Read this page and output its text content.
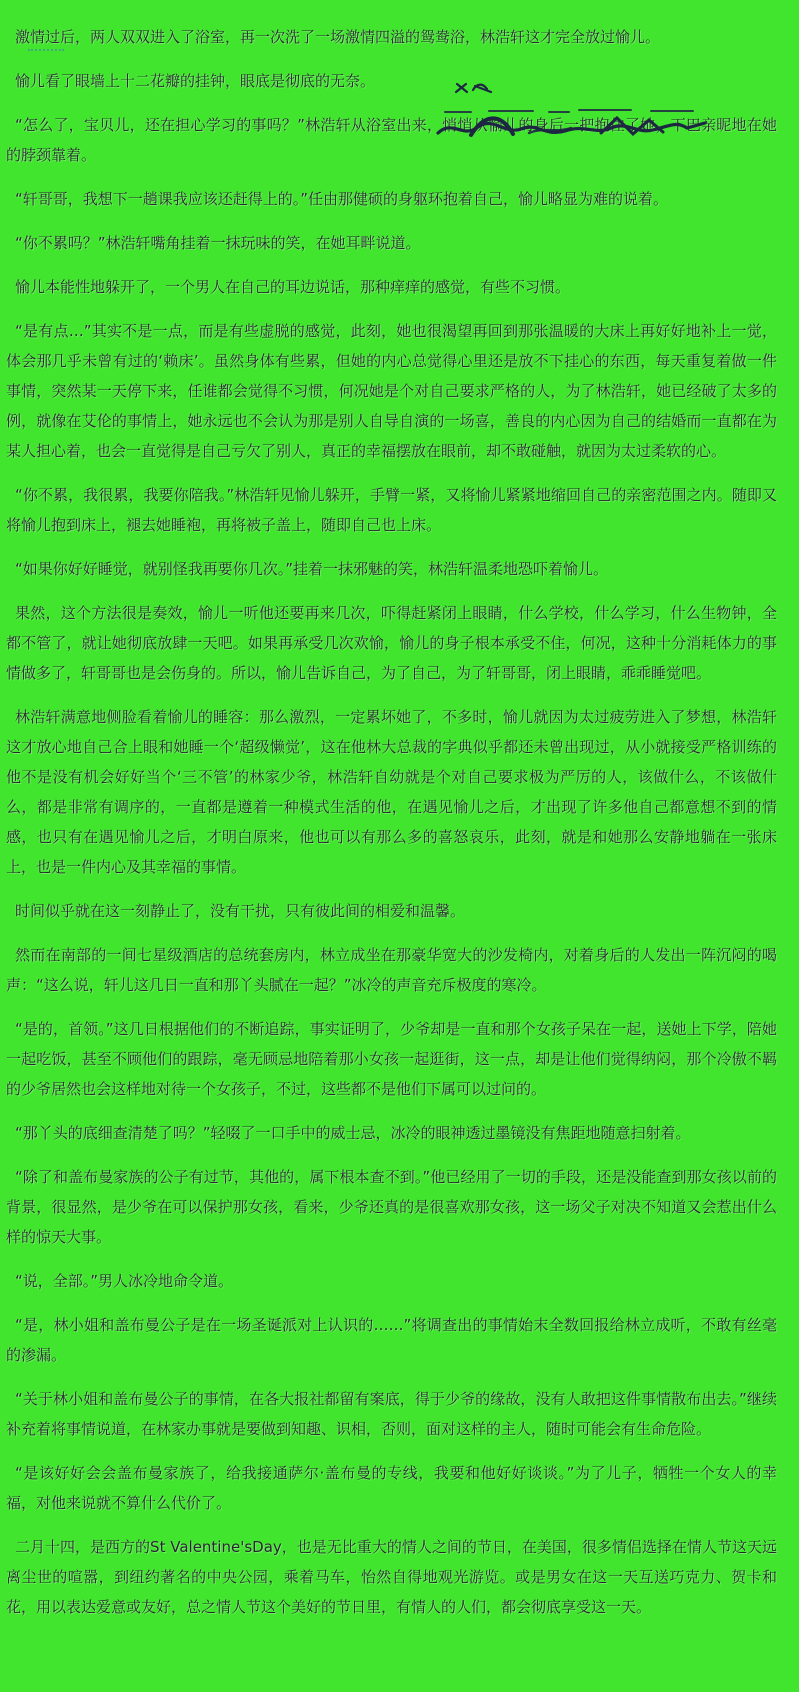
激情过后，两人双双进入了浴室，再一次洗了一场激情四溢的鸳鸯浴，林浩轩这才完全放过愉儿。

愉儿看了眼墙上十二花瓣的挂钟，眼底是彻底的无奈。

“怎么了，宝贝儿，还在担心学习的事吗？”林浩轩从浴室出来，悄悄从愉儿的身后一把抱住了她，下巴亲昵地在她的脖颈靠着。

“轩哥哥，我想下一趟课我应该还赶得上的。”任由那健硕的身躯环抱着自己，愉儿略显为难的说着。

“你不累吗？”林浩轩嘴角挂着一抹玩味的笑，在她耳畔说道。

愉儿本能性地躲开了，一个男人在自己的耳边说话，那种痒痒的感觉，有些不习惯。

“是有点…”其实不是一点，而是有些虚脱的感觉，此刻，她也很渴望再回到那张温暖的大床上再好好地补上一觉，体会那几乎未曾有过的‘赖床’。虽然身体有些累，但她的内心总觉得心里还是放不下挂心的东西，每天重复着做一件事情，突然某一天停下来，任谁都会觉得不习惯，何况她是个对自己要求严格的人，为了林浩轩，她已经破了太多的例，就像在艾伦的事情上，她永远也不会认为那是别人自导自演的一场喜，善良的内心因为自己的结婚而一直都在为某人担心着，也会一直觉得是自己亏欠了别人，真正的幸福摆放在眼前，却不敢碰触，就因为太过柔软的心。

“你不累，我很累，我要你陪我。”林浩轩见愉儿躲开，手臂一紧，又将愉儿紧紧地缩回自己的亲密范围之内。随即又将愉儿抱到床上，褪去她睡袍，再将被子盖上，随即自己也上床。

“如果你好好睡觉，就别怪我再要你几次。”挂着一抹邪魅的笑，林浩轩温柔地恐吓着愉儿。

果然，这个方法很是奏效，愉儿一听他还要再来几次，吓得赶紧闭上眼睛，什么学校，什么学习，什么生物钟，全都不管了，就让她彻底放肆一天吧。如果再承受几次欢愉，愉儿的身子根本承受不住，何况，这种十分消耗体力的事情做多了，轩哥哥也是会伤身的。所以，愉儿告诉自己，为了自己，为了轩哥哥，闭上眼睛，乖乖睡觉吧。

林浩轩满意地侧脸看着愉儿的睡容：那么激烈，一定累坏她了，不多时，愉儿就因为太过疲劳进入了梦想，林浩轩这才放心地自己合上眼和她睡一个‘超级懒觉’，这在他林大总裁的字典似乎都还未曾出现过，从小就接受严格训练的他不是没有机会好好当个‘三不管’的林家少爷，林浩轩自幼就是个对自己要求极为严厉的人，该做什么，不该做什么，都是非常有调序的，一直都是遵着一种模式生活的他，在遇见愉儿之后，才出现了许多他自己都意想不到的情感，也只有在遇见愉儿之后，才明白原来，他也可以有那么多的喜怒哀乐，此刻，就是和她那么安静地躺在一张床上，也是一件内心及其幸福的事情。

时间似乎就在这一刻静止了，没有干扰，只有彼此间的相爱和温馨。

然而在南部的一间七星级酒店的总统套房内，林立成坐在那豪华宽大的沙发椅内，对着身后的人发出一阵沉闷的喝声：“这么说，轩儿这几日一直和那丫头腻在一起？”冰冷的声音充斥极度的寒冷。

“是的，首领。”这几日根据他们的不断追踪，事实证明了，少爷却是一直和那个女孩子呆在一起，送她上下学，陪她一起吃饭，甚至不顾他们的跟踪，毫无顾忌地陪着那小女孩一起逛街，这一点，却是让他们觉得纳闷，那个冷傲不羁的少爷居然也会这样地对待一个女孩子，不过，这些都不是他们下属可以过问的。

“那丫头的底细查清楚了吗？”轻啜了一口手中的威士忌，冰冷的眼神透过墨镜没有焦距地随意扫射着。

“除了和盖布曼家族的公子有过节，其他的，属下根本查不到。”他已经用了一切的手段，还是没能查到那女孩以前的背景，很显然，是少爷在可以保护那女孩，看来，少爷还真的是很喜欢那女孩，这一场父子对决不知道又会惹出什么样的惊天大事。

“说，全部。”男人冰冷地命令道。

“是，林小姐和盖布曼公子是在一场圣诞派对上认识的……”将调查出的事情始末全数回报给林立成听，不敢有丝毫的渗漏。

“关于林小姐和盖布曼公子的事情，在各大报社都留有案底，得于少爷的缘故，没有人敢把这件事情散布出去。”继续补充着将事情说道，在林家办事就是要做到知趣、识相，否则，面对这样的主人，随时可能会有生命危险。

“是该好好会会盖布曼家族了，给我接通萨尔·盖布曼的专线，我要和他好好谈谈。”为了儿子，牺牲一个女人的幸福，对他来说就不算什么代价了。

二月十四，是西方的St Valentine'sDay，也是无比重大的情人之间的节日，在美国，很多情侣选择在情人节这天远离尘世的喧嚣，到纽约著名的中央公园，乘着马车，怡然自得地观光游览。或是男女在这一天互送巧克力、贺卡和花，用以表达爱意或友好，总之情人节这个美好的节日里，有情人的人们，都会彻底享受这一天。
